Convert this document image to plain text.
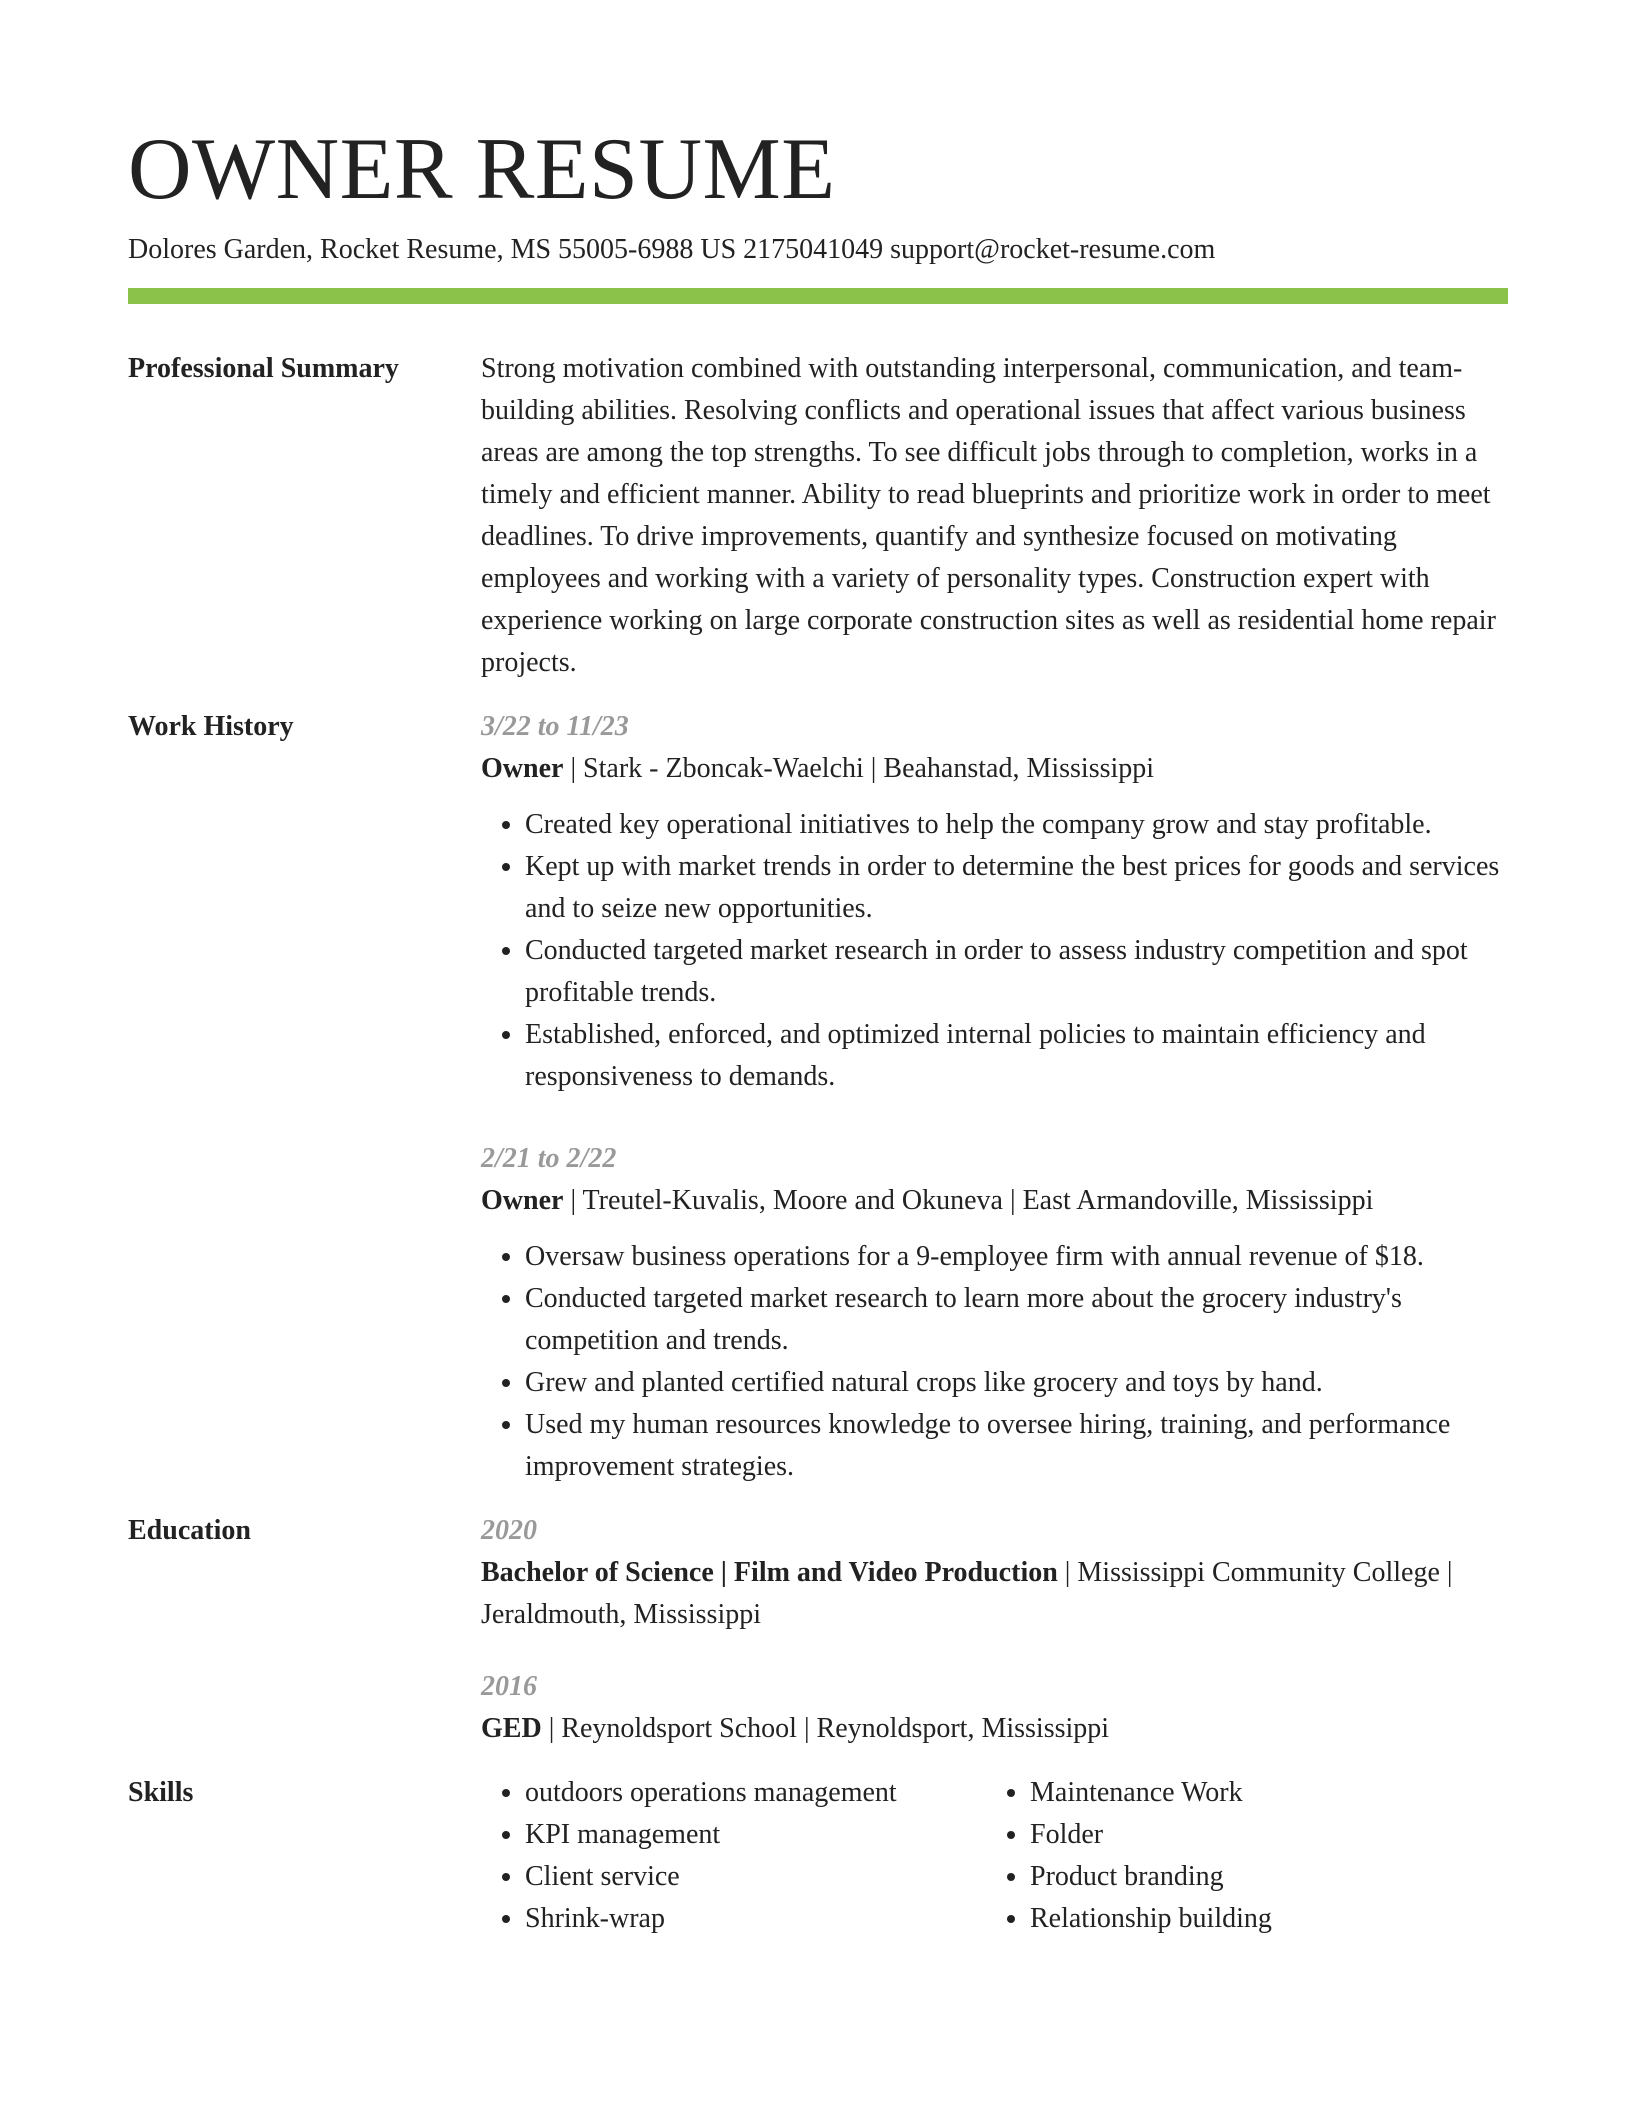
OWNER RESUME
Dolores Garden, Rocket Resume, MS 55005-6988 US 2175041049 support@rocket-resume.com
Professional Summary	Strong motivation combined with outstanding interpersonal, communication, and team-building abilities. Resolving conflicts and operational issues that affect various business areas are among the top strengths. To see difficult jobs through to completion, works in a timely and efficient manner. Ability to read blueprints and prioritize work in order to meet deadlines. To drive improvements, quantify and synthesize focused on motivating employees and working with a variety of personality types. Construction expert with experience working on large corporate construction sites as well as residential home repair projects.

Work History	3/22 to 11/23
Owner | Stark - Zboncak-Waelchi | Beahanstad, Mississippi
• Created key operational initiatives to help the company grow and stay profitable.
• Kept up with market trends in order to determine the best prices for goods and services and to seize new opportunities.
• Conducted targeted market research in order to assess industry competition and spot profitable trends.
• Established, enforced, and optimized internal policies to maintain efficiency and responsiveness to demands.
2/21 to 2/22
Owner | Treutel-Kuvalis, Moore and Okuneva | East Armandoville, Mississippi
• Oversaw business operations for a 9-employee firm with annual revenue of $18.
• Conducted targeted market research to learn more about the grocery industry's competition and trends.
• Grew and planted certified natural crops like grocery and toys by hand.
• Used my human resources knowledge to oversee hiring, training, and performance improvement strategies.
Education	2020
Bachelor of Science | Film and Video Production | Mississippi Community College | Jeraldmouth, Mississippi
2016
GED | Reynoldsport School | Reynoldsport, Mississippi
Skills
•	outdoors operations management
• KPI management
• Client service
• Shrink-wrap
• Maintenance Work
• Folder
• Product branding
• Relationship building
